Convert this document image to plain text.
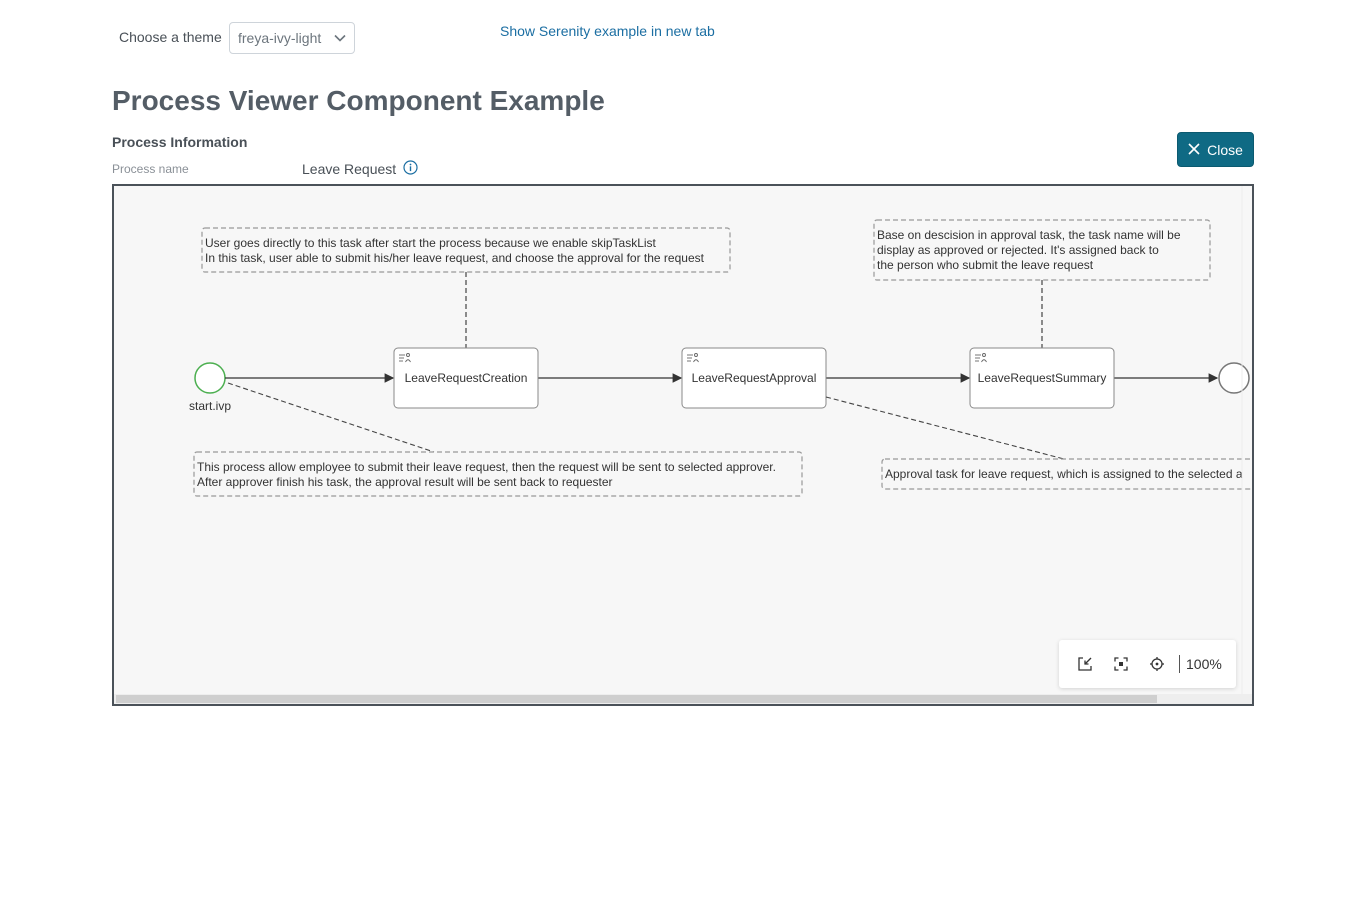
Choose a theme freya-ivy-light	Show Serenity example in new tab
Process Viewer Component Example
Process Information
Process name	Leave Request
Close
User goes directly to this task after start the process because we enable skipTaskList In this task, user able to submit his/her leave request, and choose the approval for the request
Base on descision in approval task, the task name will be display as approved or rejected. It's assigned back to the person who submit the leave request
start.ivp
LeaveRequestCreation	LeaveRequestApproval	LeaveRequestSummary
This process allow employee to submit their leave request, then the request will be sent to selected approver. After approver finish his task, the approval result will be sent back to requester
Approval task for leave request, which is assigned to the selected a
100%
